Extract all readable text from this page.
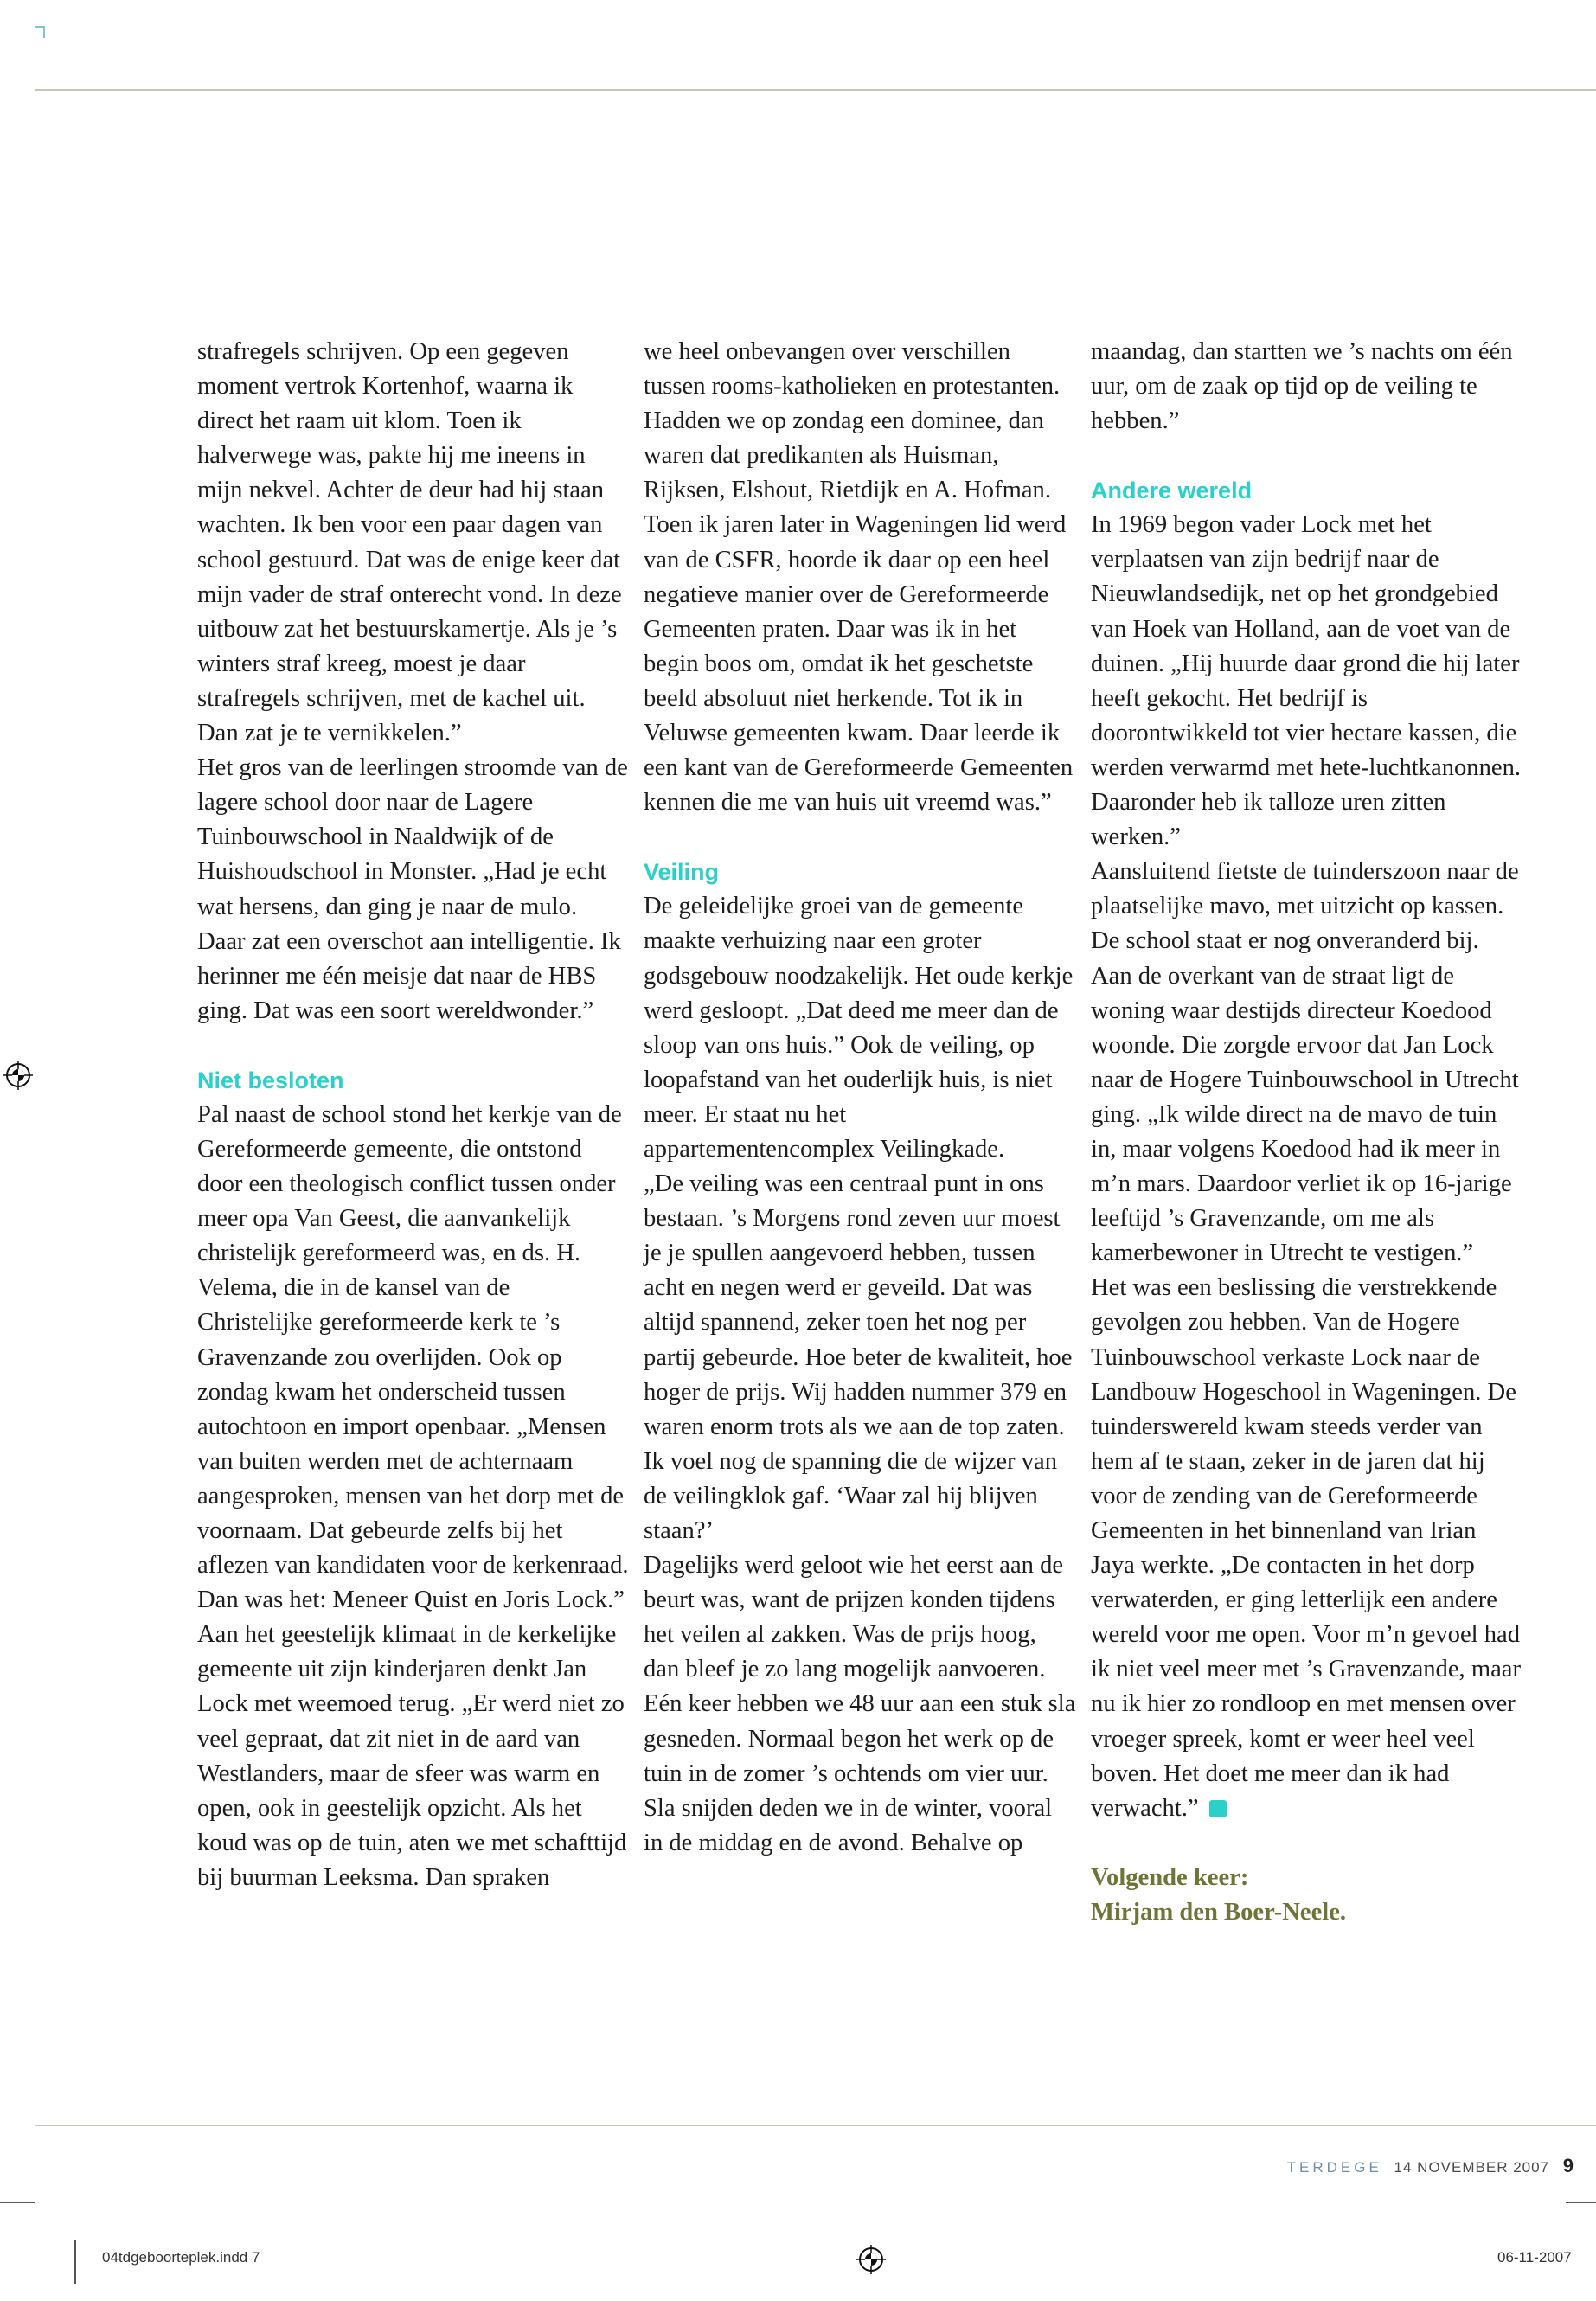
strafregels schrijven. Op een gegeven moment vertrok Kortenhof, waarna ik direct het raam uit klom. Toen ik halverwege was, pakte hij me ineens in mijn nekvel. Achter de deur had hij staan wachten. Ik ben voor een paar dagen van school gestuurd. Dat was de enige keer dat mijn vader de straf onterecht vond. In deze uitbouw zat het bestuurskamertje. Als je ’s winters straf kreeg, moest je daar strafregels schrijven, met de kachel uit. Dan zat je te vernikkelen.”

Het gros van de leerlingen stroomde van de lagere school door naar de Lagere Tuinbouwschool in Naaldwijk of de Huishoudschool in Monster. „Had je echt wat hersens, dan ging je naar de mulo. Daar zat een overschot aan intelligentie. Ik herinner me één meisje dat naar de HBS ging. Dat was een soort wereldwonder.”

Niet besloten

Pal naast de school stond het kerkje van de Gereformeerde gemeente, die ontstond door een theologisch conflict tussen onder meer opa Van Geest, die aanvankelijk christelijk gereformeerd was, en ds. H. Velema, die in de kansel van de Christelijke gereformeerde kerk te ’s Gravenzande zou overlijden. Ook op zondag kwam het onderscheid tussen autochtoon en import openbaar. „Mensen van buiten werden met de achternaam aangesproken, mensen van het dorp met de voornaam. Dat gebeurde zelfs bij het aflezen van kandidaten voor de kerkenraad. Dan was het: Meneer Quist en Joris Lock.”

Aan het geestelijk klimaat in de kerkelijke gemeente uit zijn kinderjaren denkt Jan Lock met weemoed terug. „Er werd niet zo veel gepraat, dat zit niet in de aard van Westlanders, maar de sfeer was warm en open, ook in geestelijk opzicht. Als het koud was op de tuin, aten we met schafttijd bij buurman Leeksma. Dan spraken

we heel onbevangen over verschillen tussen rooms-katholieken en protestanten.

Hadden we op zondag een dominee, dan waren dat predikanten als Huisman, Rijksen, Elshout, Rietdijk en A. Hofman. Toen ik jaren later in Wageningen lid werd van de CSFR, hoorde ik daar op een heel negatieve manier over de Gereformeerde Gemeenten praten. Daar was ik in het begin boos om, omdat ik het geschetste beeld absoluut niet herkende. Tot ik in Veluwse gemeenten kwam. Daar leerde ik een kant van de Gereformeerde Gemeenten kennen die me van huis uit vreemd was.”

Veiling

De geleidelijke groei van de gemeente maakte verhuizing naar een groter godsgebouw noodzakelijk. Het oude kerkje werd gesloopt. „Dat deed me meer dan de sloop van ons huis.” Ook de veiling, op loopafstand van het ouderlijk huis, is niet meer. Er staat nu het appartementencomplex Veilingkade.

„De veiling was een centraal punt in ons bestaan. ’s Morgens rond zeven uur moest je je spullen aangevoerd hebben, tussen acht en negen werd er geveild. Dat was altijd spannend, zeker toen het nog per partij gebeurde. Hoe beter de kwaliteit, hoe hoger de prijs. Wij hadden nummer 379 en waren enorm trots als we aan de top zaten. Ik voel nog de spanning die de wijzer van de veilingklok gaf. ‘Waar zal hij blijven staan?’

Dagelijks werd geloot wie het eerst aan de beurt was, want de prijzen konden tijdens het veilen al zakken. Was de prijs hoog, dan bleef je zo lang mogelijk aanvoeren. Eén keer hebben we 48 uur aan een stuk sla gesneden. Normaal begon het werk op de tuin in de zomer ’s ochtends om vier uur. Sla snijden deden we in de winter, vooral in de middag en de avond. Behalve op

maandag, dan startten we ’s nachts om één uur, om de zaak op tijd op de veiling te hebben.”

Andere wereld

In 1969 begon vader Lock met het verplaatsen van zijn bedrijf naar de Nieuwlandsedijk, net op het grondgebied van Hoek van Holland, aan de voet van de duinen. „Hij huurde daar grond die hij later heeft gekocht. Het bedrijf is doorontwikkeld tot vier hectare kassen, die werden verwarmd met hete-luchtkanonnen. Daaronder heb ik talloze uren zitten werken.”

Aansluitend fietste de tuinderszoon naar de plaatselijke mavo, met uitzicht op kassen. De school staat er nog onveranderd bij. Aan de overkant van de straat ligt de woning waar destijds directeur Koedood woonde. Die zorgde ervoor dat Jan Lock naar de Hogere Tuinbouwschool in Utrecht ging. „Ik wilde direct na de mavo de tuin in, maar volgens Koedood had ik meer in m’n mars. Daardoor verliet ik op 16-jarige leeftijd ’s Gravenzande, om me als kamerbewoner in Utrecht te vestigen.”

Het was een beslissing die verstrekkende gevolgen zou hebben. Van de Hogere Tuinbouwschool verkaste Lock naar de Landbouw Hogeschool in Wageningen. De tuinderswereld kwam steeds verder van hem af te staan, zeker in de jaren dat hij voor de zending van de Gereformeerde Gemeenten in het binnenland van Irian Jaya werkte. „De contacten in het dorp verwaterden, er ging letterlijk een andere wereld voor me open. Voor m’n gevoel had ik niet veel meer met ’s Gravenzande, maar nu ik hier zo rondloop en met mensen over vroeger spreek, komt er weer heel veel boven. Het doet me meer dan ik had verwacht.”

Volgende keer:
Mirjam den Boer-Neele.

TERDEGE 14 NOVEMBER 2007 9
04tdgeboorteplek.indd 7	06-11-2007
